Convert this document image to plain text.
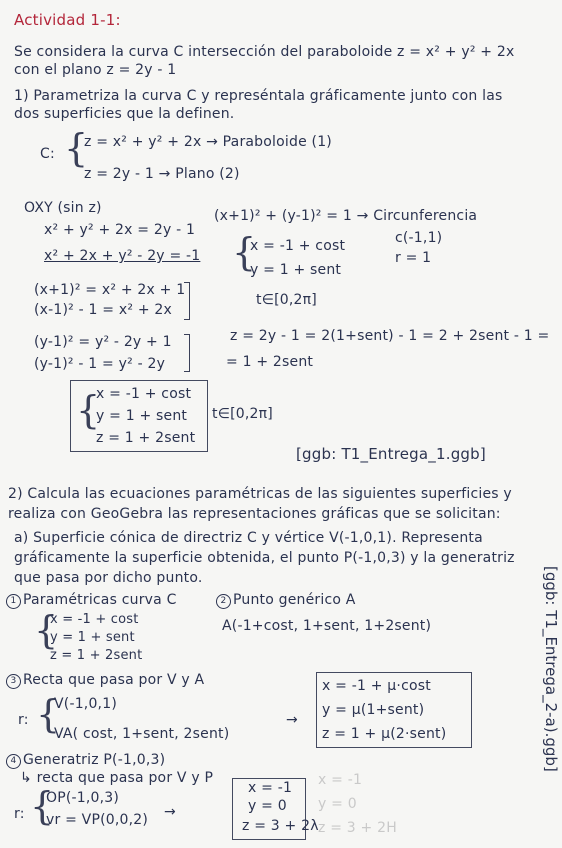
Actividad 1-1:
Se considera la curva C intersección del paraboloide z = x² + y² + 2x
con el plano z = 2y - 1
1) Parametriza la curva C y represéntala gráficamente junto con las
dos superficies que la definen.
C: {
z = x² + y² + 2x → Paraboloide (1)
z = 2y - 1 → Plano (2)
OXY (sin z)
x² + y² + 2x = 2y - 1
x² + 2x + y² - 2y = -1
(x+1)² = x² + 2x + 1
(x-1)² - 1 = x² + 2x
(y-1)² = y² - 2y + 1
(y-1)² - 1 = y² - 2y
(x+1)² + (y-1)² = 1 → Circunferencia
c(-1,1)
r = 1
{
x = -1 + cost
y = 1 + sent
t∈[0,2π]
z = 2y - 1 = 2(1+sent) - 1 = 2 + 2sent - 1 =
= 1 + 2sent
{
x = -1 + cost
y = 1 + sent
z = 1 + 2sent
t∈[0,2π]
[ggb: T1_Entrega_1.ggb]
2) Calcula las ecuaciones paramétricas de las siguientes superficies y
realiza con GeoGebra las representaciones gráficas que se solicitan:
a) Superficie cónica de directriz C y vértice V(-1,0,1). Representa
gráficamente la superficie obtenida, el punto P(-1,0,3) y la generatriz
que pasa por dicho punto.
1 Paramétricas curva C
{
x = -1 + cost
y = 1 + sent
z = 1 + 2sent
2 Punto genérico A
A(-1+cost, 1+sent, 1+2sent)
3 Recta que pasa por V y A
r: {
V(-1,0,1)
VA( cost, 1+sent, 2sent)
→
x = -1 + μ·cost
y = μ(1+sent)
z = 1 + μ(2·sent)
4 Generatriz P(-1,0,3)
↳ recta que pasa por V y P
r: {
OP(-1,0,3)
vr = VP(0,0,2) →
x = -1
y = 0
z = 3 + 2λ
x = -1
y = 0
z = 3 + 2H
[ggb: T1_Entrega_2-a).ggb]
